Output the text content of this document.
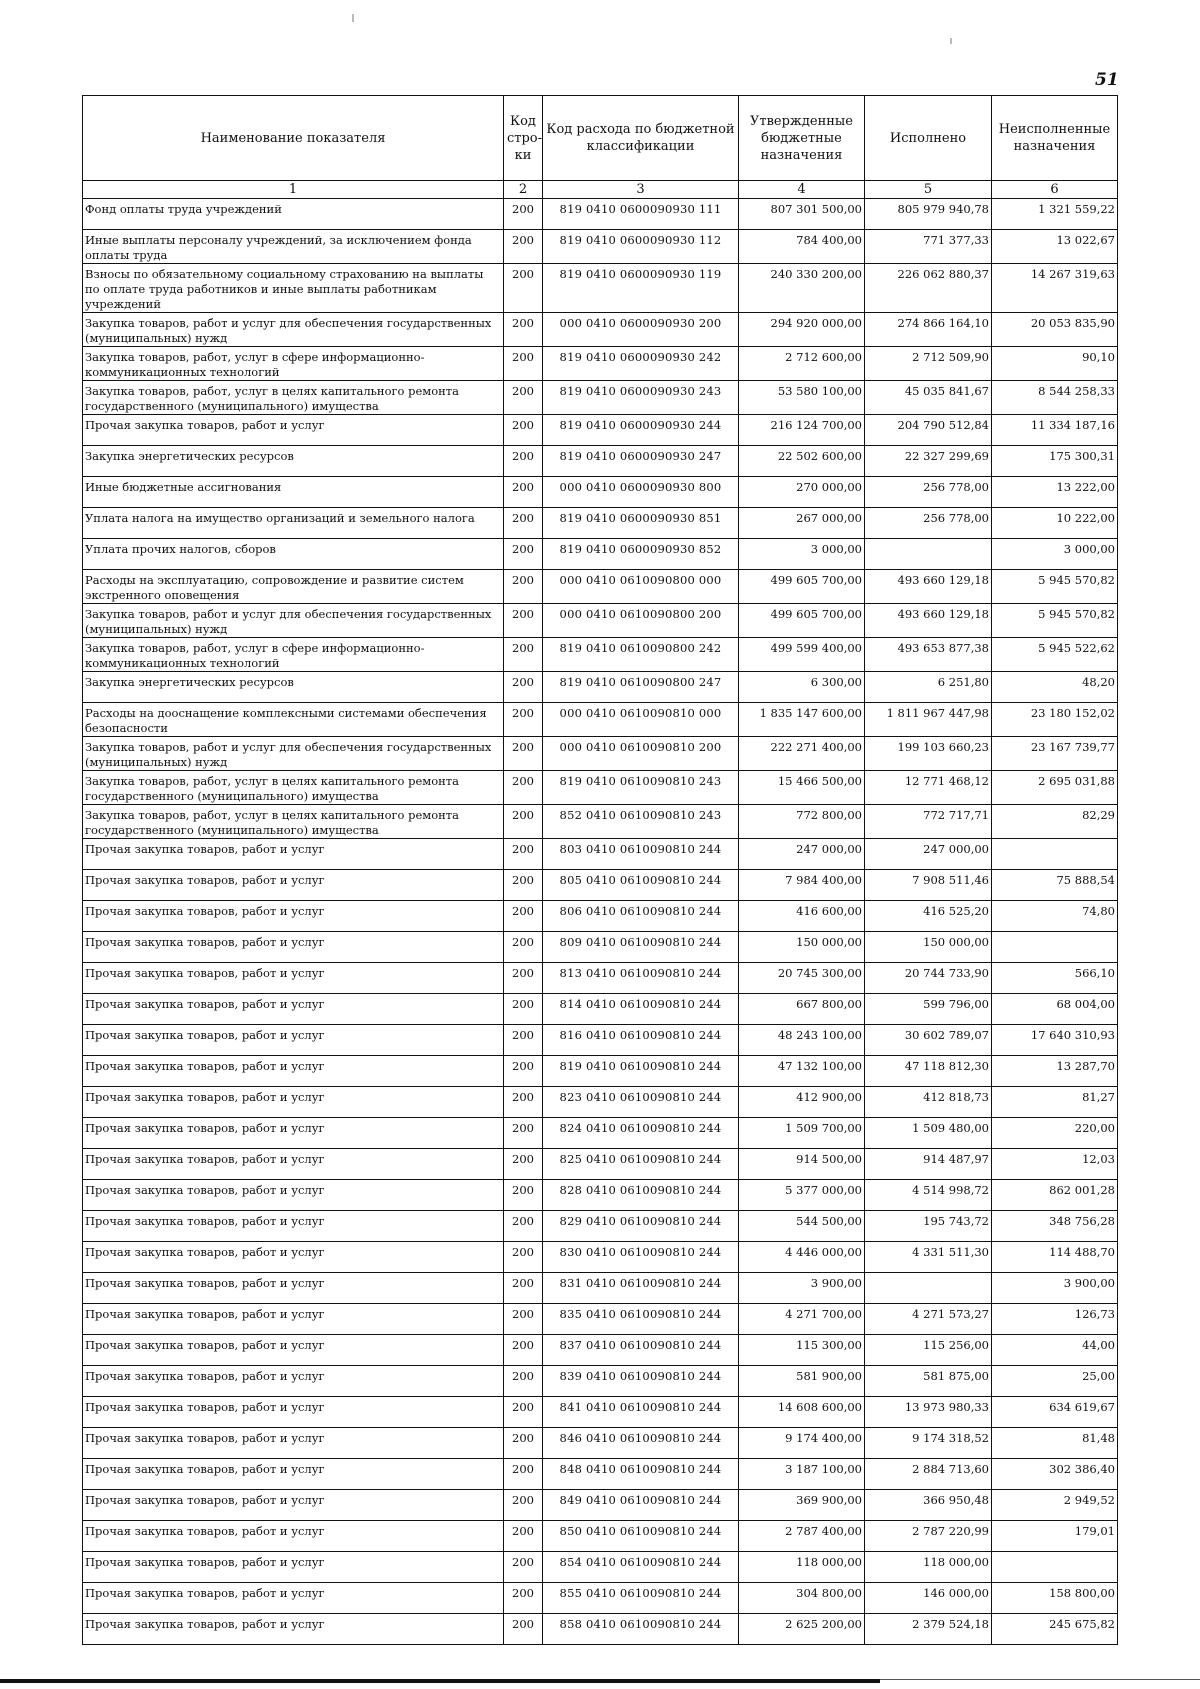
51
Наименование показателя	Код стро-ки	Код расхода по бюджетной классификации	Утвержденные бюджетные назначения	Исполнено	Неисполненные назначения
1	2	3	4	5	6
Фонд оплаты труда учреждений	200	819 0410 0600090930 111	807 301 500,00	805 979 940,78	1 321 559,22
Иные выплаты персоналу учреждений, за исключением фонда оплаты труда	200	819 0410 0600090930 112	784 400,00	771 377,33	13 022,67
Взносы по обязательному социальному страхованию на выплаты по оплате труда работников и иные выплаты работникам учреждений	200	819 0410 0600090930 119	240 330 200,00	226 062 880,37	14 267 319,63
Закупка товаров, работ и услуг для обеспечения государственных (муниципальных) нужд	200	000 0410 0600090930 200	294 920 000,00	274 866 164,10	20 053 835,90
Закупка товаров, работ, услуг в сфере информационно-коммуникационных технологий	200	819 0410 0600090930 242	2 712 600,00	2 712 509,90	90,10
Закупка товаров, работ, услуг в целях капитального ремонта государственного (муниципального) имущества	200	819 0410 0600090930 243	53 580 100,00	45 035 841,67	8 544 258,33
Прочая закупка товаров, работ и услуг	200	819 0410 0600090930 244	216 124 700,00	204 790 512,84	11 334 187,16
Закупка энергетических ресурсов	200	819 0410 0600090930 247	22 502 600,00	22 327 299,69	175 300,31
Иные бюджетные ассигнования	200	000 0410 0600090930 800	270 000,00	256 778,00	13 222,00
Уплата налога на имущество организаций и земельного налога	200	819 0410 0600090930 851	267 000,00	256 778,00	10 222,00
Уплата прочих налогов, сборов	200	819 0410 0600090930 852	3 000,00		3 000,00
Расходы на эксплуатацию, сопровождение и развитие систем экстренного оповещения	200	000 0410 0610090800 000	499 605 700,00	493 660 129,18	5 945 570,82
Закупка товаров, работ и услуг для обеспечения государственных (муниципальных) нужд	200	000 0410 0610090800 200	499 605 700,00	493 660 129,18	5 945 570,82
Закупка товаров, работ, услуг в сфере информационно-коммуникационных технологий	200	819 0410 0610090800 242	499 599 400,00	493 653 877,38	5 945 522,62
Закупка энергетических ресурсов	200	819 0410 0610090800 247	6 300,00	6 251,80	48,20
Расходы на дооснащение комплексными системами обеспечения безопасности	200	000 0410 0610090810 000	1 835 147 600,00	1 811 967 447,98	23 180 152,02
Закупка товаров, работ и услуг для обеспечения государственных (муниципальных) нужд	200	000 0410 0610090810 200	222 271 400,00	199 103 660,23	23 167 739,77
Закупка товаров, работ, услуг в целях капитального ремонта государственного (муниципального) имущества	200	819 0410 0610090810 243	15 466 500,00	12 771 468,12	2 695 031,88
Закупка товаров, работ, услуг в целях капитального ремонта государственного (муниципального) имущества	200	852 0410 0610090810 243	772 800,00	772 717,71	82,29
Прочая закупка товаров, работ и услуг	200	803 0410 0610090810 244	247 000,00	247 000,00	
Прочая закупка товаров, работ и услуг	200	805 0410 0610090810 244	7 984 400,00	7 908 511,46	75 888,54
Прочая закупка товаров, работ и услуг	200	806 0410 0610090810 244	416 600,00	416 525,20	74,80
Прочая закупка товаров, работ и услуг	200	809 0410 0610090810 244	150 000,00	150 000,00	
Прочая закупка товаров, работ и услуг	200	813 0410 0610090810 244	20 745 300,00	20 744 733,90	566,10
Прочая закупка товаров, работ и услуг	200	814 0410 0610090810 244	667 800,00	599 796,00	68 004,00
Прочая закупка товаров, работ и услуг	200	816 0410 0610090810 244	48 243 100,00	30 602 789,07	17 640 310,93
Прочая закупка товаров, работ и услуг	200	819 0410 0610090810 244	47 132 100,00	47 118 812,30	13 287,70
Прочая закупка товаров, работ и услуг	200	823 0410 0610090810 244	412 900,00	412 818,73	81,27
Прочая закупка товаров, работ и услуг	200	824 0410 0610090810 244	1 509 700,00	1 509 480,00	220,00
Прочая закупка товаров, работ и услуг	200	825 0410 0610090810 244	914 500,00	914 487,97	12,03
Прочая закупка товаров, работ и услуг	200	828 0410 0610090810 244	5 377 000,00	4 514 998,72	862 001,28
Прочая закупка товаров, работ и услуг	200	829 0410 0610090810 244	544 500,00	195 743,72	348 756,28
Прочая закупка товаров, работ и услуг	200	830 0410 0610090810 244	4 446 000,00	4 331 511,30	114 488,70
Прочая закупка товаров, работ и услуг	200	831 0410 0610090810 244	3 900,00		3 900,00
Прочая закупка товаров, работ и услуг	200	835 0410 0610090810 244	4 271 700,00	4 271 573,27	126,73
Прочая закупка товаров, работ и услуг	200	837 0410 0610090810 244	115 300,00	115 256,00	44,00
Прочая закупка товаров, работ и услуг	200	839 0410 0610090810 244	581 900,00	581 875,00	25,00
Прочая закупка товаров, работ и услуг	200	841 0410 0610090810 244	14 608 600,00	13 973 980,33	634 619,67
Прочая закупка товаров, работ и услуг	200	846 0410 0610090810 244	9 174 400,00	9 174 318,52	81,48
Прочая закупка товаров, работ и услуг	200	848 0410 0610090810 244	3 187 100,00	2 884 713,60	302 386,40
Прочая закупка товаров, работ и услуг	200	849 0410 0610090810 244	369 900,00	366 950,48	2 949,52
Прочая закупка товаров, работ и услуг	200	850 0410 0610090810 244	2 787 400,00	2 787 220,99	179,01
Прочая закупка товаров, работ и услуг	200	854 0410 0610090810 244	118 000,00	118 000,00	
Прочая закупка товаров, работ и услуг	200	855 0410 0610090810 244	304 800,00	146 000,00	158 800,00
Прочая закупка товаров, работ и услуг	200	858 0410 0610090810 244	2 625 200,00	2 379 524,18	245 675,82
